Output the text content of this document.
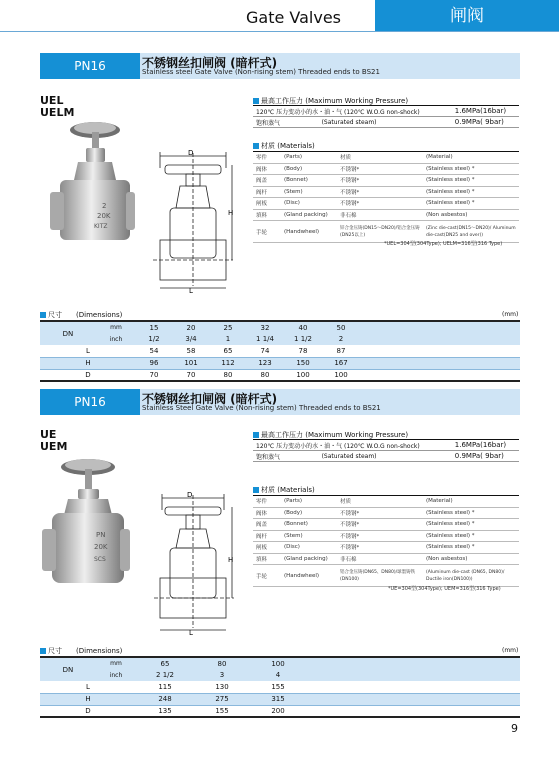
Gate Valves	闸阀
PN16	不锈钢丝扣闸阀 (暗杆式)
Stainless steel Gate Valve (Non-rising stem) Threaded ends to BS21
UEL
UELM
2
20K
KITZ
D
H
L
最高工作压力 (Maximum Working Pressure)
120℃ 压力变动小的水・油・气 (120℃ W.O.G non-shock)		1.6MPa(16bar)
饱和蒸气	(Saturated steam)	0.9MPa( 9bar)
材质 (Materials)
零件	(Parts)	材质	(Material)
阀体	(Body)	不锈钢*	(Stainless steel) *
阀盖	(Bonnet)	不锈钢*	(Stainless steel) *
阀杆	(Stem)	不锈钢*	(Stainless steel) *
闸板	(Disc)	不锈钢*	(Stainless steel) *
填料	(Gland packing)	非石棉	(Non asbestos)
手轮	(Handwheel)	锌合金压铸(DN15～DN20)/铝合金压铸(DN25以上)	(Zinc die-cast(DN15～DN20)/ Aluminum die-cast(DN25 and over))
*UEL=304型(304Type); UELM=316型(316 Type)
尺寸 (Dimensions)	(mm)
DN	mm	15	20	25	32	40	50	
	inch	1/2	3/4	1	1 1/4	1 1/2	2	
L		54	58	65	74	78	87	
H		96	101	112	123	150	167	
D		70	70	80	80	100	100	
PN16	不锈钢丝扣闸阀 (暗杆式)
Stainless Steel Gate Valve (Non-rising stem) Threaded ends to BS21
UE
UEM
PN
20K
SCS
D
H
L
最高工作压力 (Maximum Working Pressure)
120℃ 压力变动小的水・油・气 (120℃ W.O.G non-shock)		1.6MPa(16bar)
饱和蒸气	(Saturated steam)	0.9MPa( 9bar)
材质 (Materials)
零件	(Parts)	材质	(Material)
阀体	(Body)	不锈钢*	(Stainless steel) *
阀盖	(Bonnet)	不锈钢*	(Stainless steel) *
阀杆	(Stem)	不锈钢*	(Stainless steel) *
闸板	(Disc)	不锈钢*	(Stainless steel) *
填料	(Gland packing)	非石棉	(Non asbestos)
手轮	(Handwheel)	铝合金压铸(DN65、DN80)/球墨铸铁(DN100)	(Aluminum die-cast (DN65, DN80)/ Ductile iron(DN100))
*UE=304型(304Type); UEM=316型(316 Type)
尺寸 (Dimensions)	(mm)
DN	mm	65	80	100	
	inch	2 1/2	3	4	
L		115	130	155	
H		248	275	315	
D		135	155	200	
9
